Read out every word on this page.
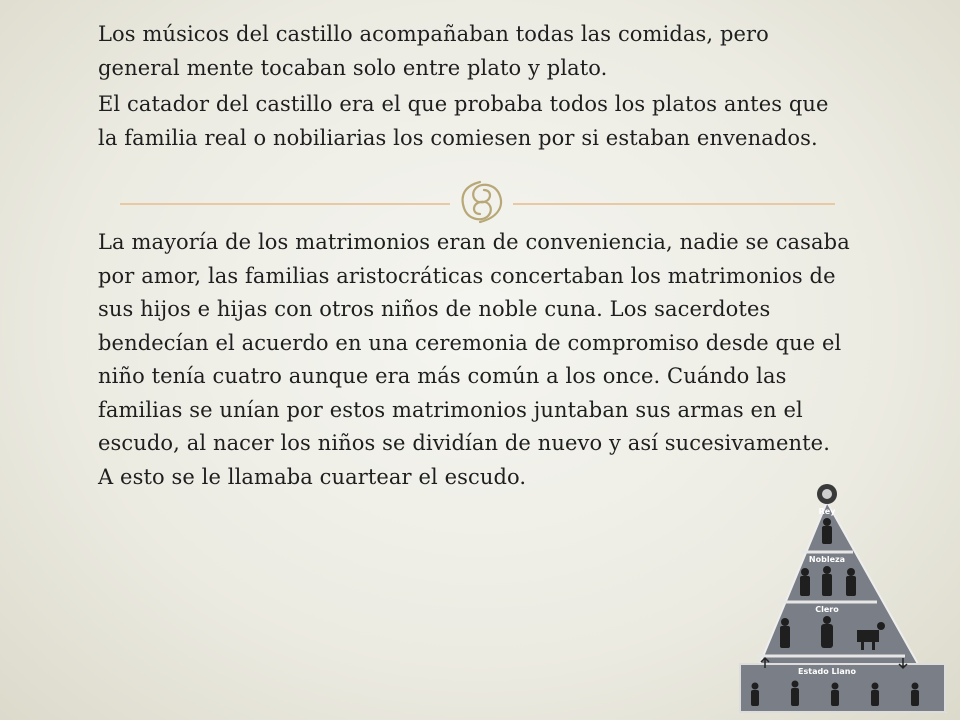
Los músicos del castillo acompañaban todas las comidas, pero general mente tocaban solo entre plato y plato.
El catador del castillo era el que probaba todos los platos antes que la familia real o nobiliarias los comiesen por si estaban envenados.
La mayoría de los matrimonios eran de conveniencia, nadie se casaba por amor, las familias aristocráticas concertaban los matrimonios de sus hijos e hijas con otros niños de noble cuna. Los sacerdotes bendecían el acuerdo en una ceremonia de compromiso desde que el niño tenía cuatro aunque era más común a los once. Cuándo las familias se unían por estos matrimonios juntaban sus armas en el escudo, al nacer los niños se dividían de nuevo y así sucesivamente. A esto se le llamaba cuartear el escudo.
Rey
Nobleza
Clero
Estado Llano
